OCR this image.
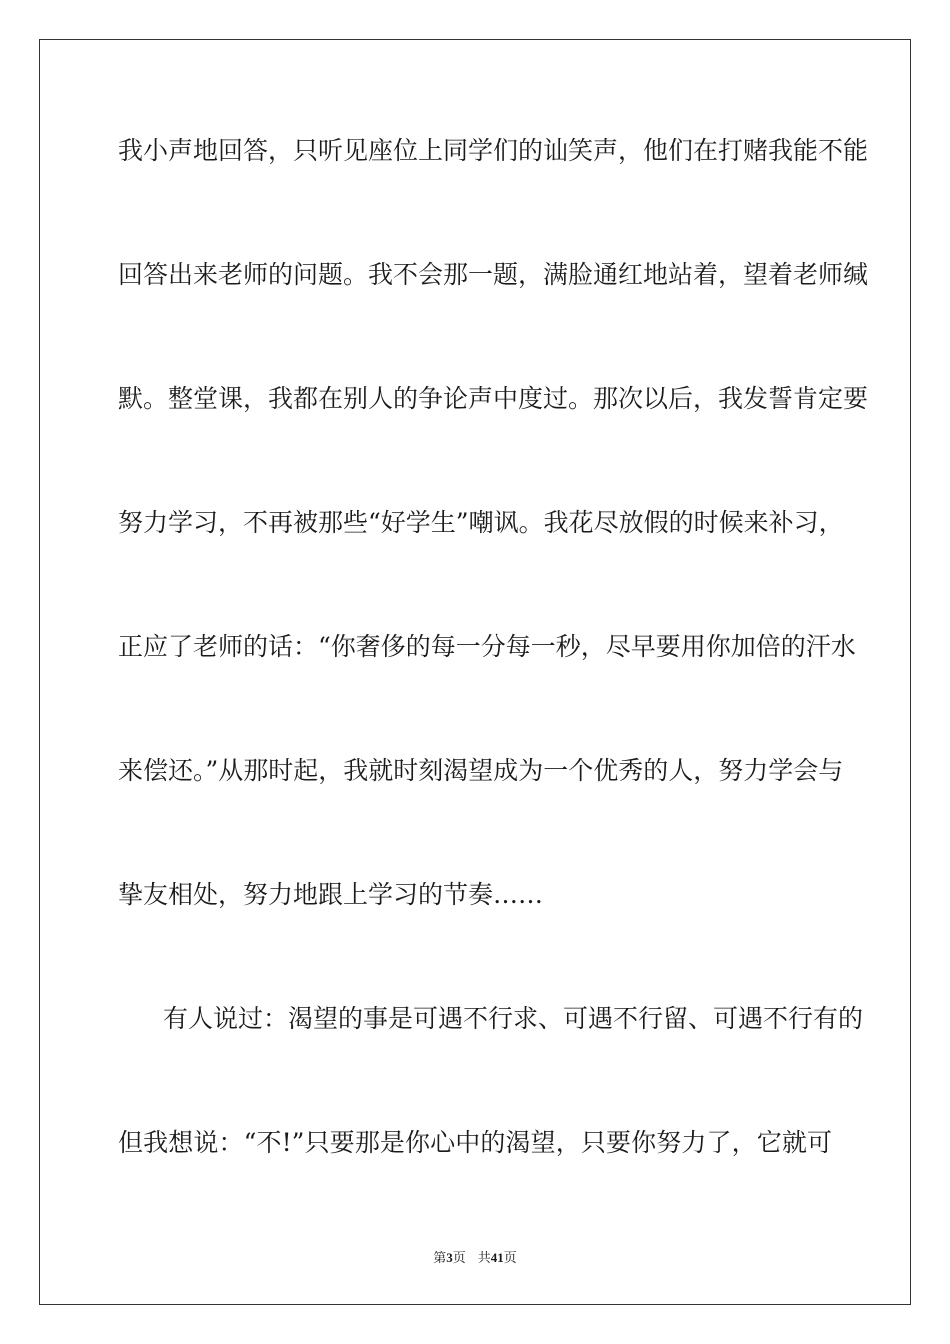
我小声地回答，只听见座位上同学们的讪笑声，他们在打赌我能不能
回答出来老师的问题。我不会那一题，满脸通红地站着，望着老师缄
默。整堂课，我都在别人的争论声中度过。那次以后，我发誓肯定要
努力学习，不再被那些“好学生”嘲讽。我花尽放假的时候来补习，
正应了老师的话：“你奢侈的每一分每一秒，尽早要用你加倍的汗水
来偿还。”从那时起，我就时刻渴望成为一个优秀的人，努力学会与
挚友相处，努力地跟上学习的节奏……
有人说过：渴望的事是可遇不行求、可遇不行留、可遇不行有的
但我想说：“不!”只要那是你心中的渴望，只要你努力了，它就可
第3页 共41页
